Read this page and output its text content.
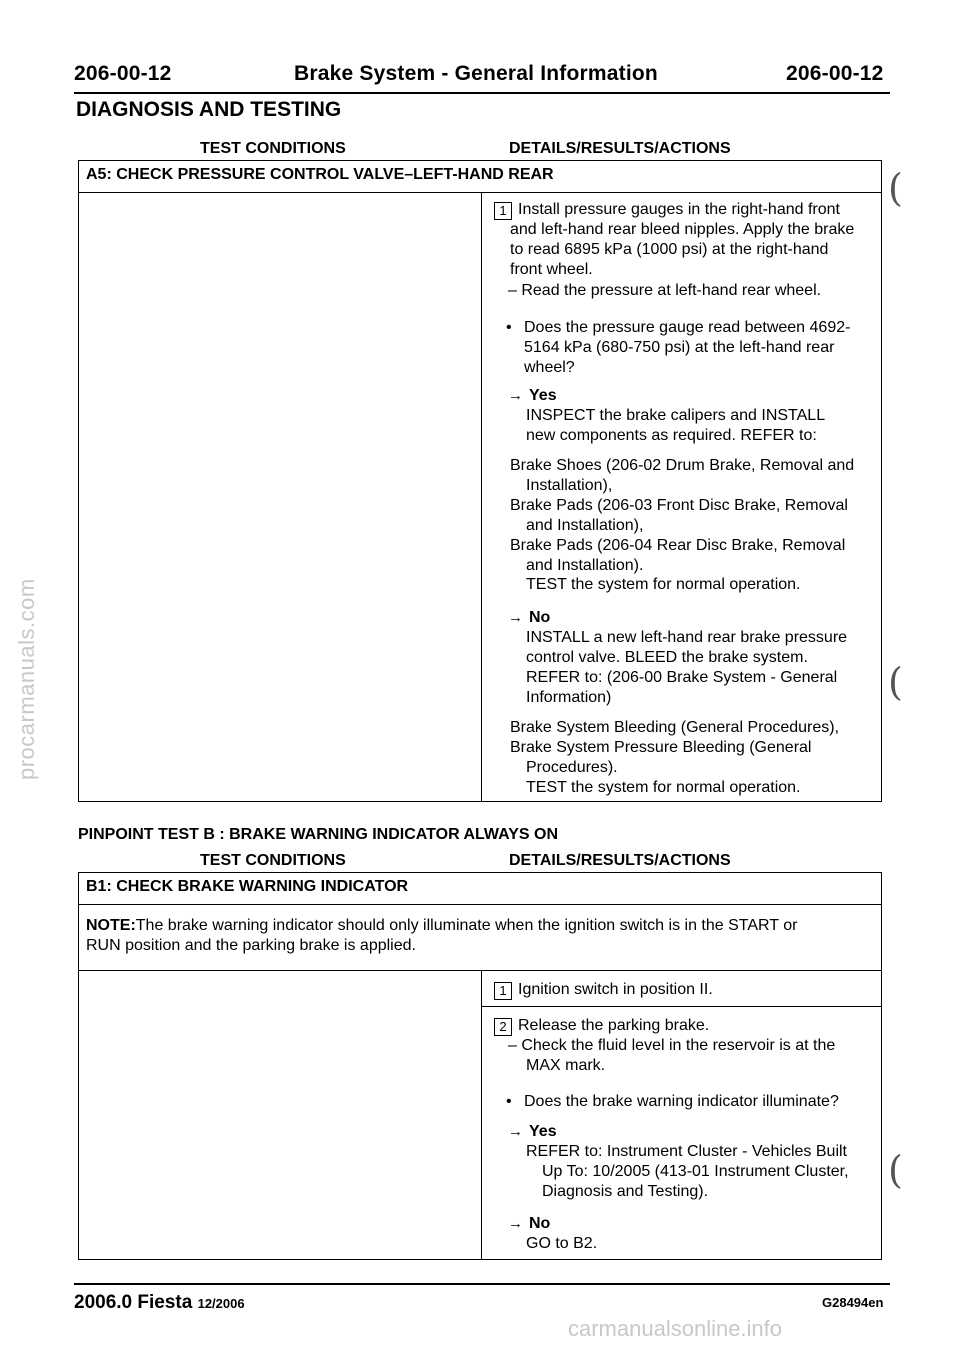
206-00-12	Brake System - General Information	206-00-12
DIAGNOSIS AND TESTING
TEST CONDITIONS	DETAILS/RESULTS/ACTIONS
A5: CHECK PRESSURE CONTROL VALVE–LEFT-HAND REAR
1 Install pressure gauges in the right-hand front
and left-hand rear bleed nipples. Apply the brake
to read 6895 kPa (1000 psi) at the right-hand
front wheel.
– Read the pressure at left-hand rear wheel.
• Does the pressure gauge read between 4692-
5164 kPa (680-750 psi) at the left-hand rear
wheel?
→ Yes
INSPECT the brake calipers and INSTALL
new components as required. REFER to:
Brake Shoes (206-02 Drum Brake, Removal and
Installation),
Brake Pads (206-03 Front Disc Brake, Removal
and Installation),
Brake Pads (206-04 Rear Disc Brake, Removal
and Installation).
TEST the system for normal operation.
→ No
INSTALL a new left-hand rear brake pressure
control valve. BLEED the brake system.
REFER to: (206-00 Brake System - General
Information)
Brake System Bleeding (General Procedures),
Brake System Pressure Bleeding (General
Procedures).
TEST the system for normal operation.
PINPOINT TEST B : BRAKE WARNING INDICATOR ALWAYS ON
TEST CONDITIONS	DETAILS/RESULTS/ACTIONS
B1: CHECK BRAKE WARNING INDICATOR
NOTE:The brake warning indicator should only illuminate when the ignition switch is in the START or
RUN position and the parking brake is applied.
1 Ignition switch in position II.
2 Release the parking brake.
– Check the fluid level in the reservoir is at the
MAX mark.
• Does the brake warning indicator illuminate?
→ Yes
REFER to: Instrument Cluster - Vehicles Built
Up To: 10/2005 (413-01 Instrument Cluster,
Diagnosis and Testing).
→ No
GO to B2.
(
(
(
2006.0 Fiesta 12/2006	G28494en
procarmanuals.com
carmanualsonline.info
